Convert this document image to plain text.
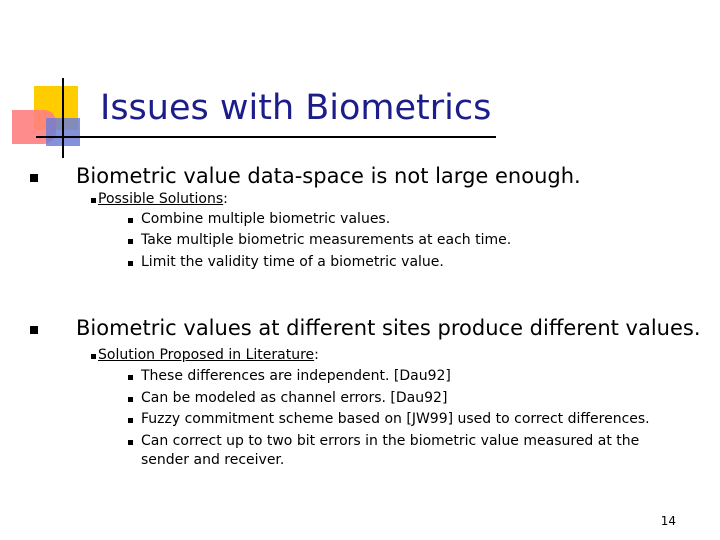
Issues with Biometrics
Biometric value data-space is not large enough.
Possible Solutions:
Combine multiple biometric values.
Take multiple biometric measurements at each time.
Limit the validity time of a biometric value.
Biometric values at different sites produce different values.
Solution Proposed in Literature:
These differences are independent. [Dau92]
Can be modeled as channel errors. [Dau92]
Fuzzy commitment scheme based on [JW99] used to correct differences.
Can correct up to two bit errors in the biometric value measured at the
sender and receiver.
14
